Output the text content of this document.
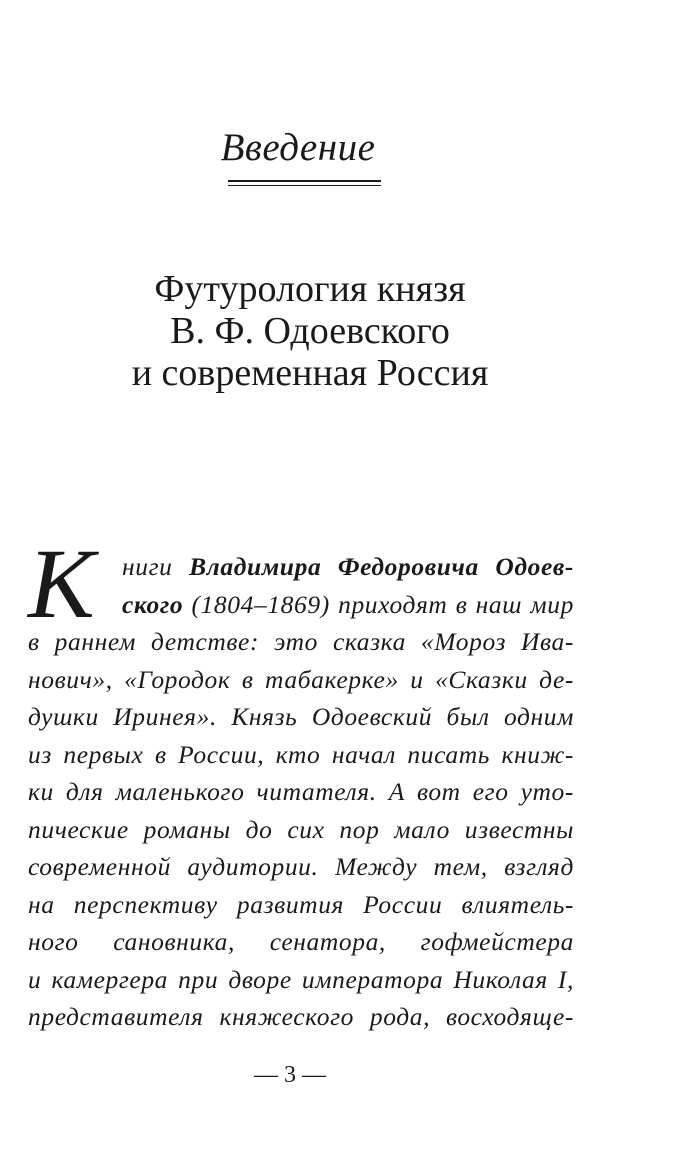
Введение
Футурология князя
В. Ф. Одоевского
и современная Россия
К	ниги Владимира Федоровича Одоев-
ского (1804–1869) приходят в наш мир
в раннем детстве: это сказка «Мороз Ива-
нович», «Городок в табакерке» и «Сказки де-
душки Иринея». Князь Одоевский был одним
из первых в России, кто начал писать книж-
ки для маленького читателя. А вот его уто-
пические романы до сих пор мало известны
современной аудитории. Между тем, взгляд
на перспективу развития России влиятель-
ного сановника, сенатора, гофмейстера
и камергера при дворе императора Николая I,
представителя княжеского рода, восходяще-
— 3 —
